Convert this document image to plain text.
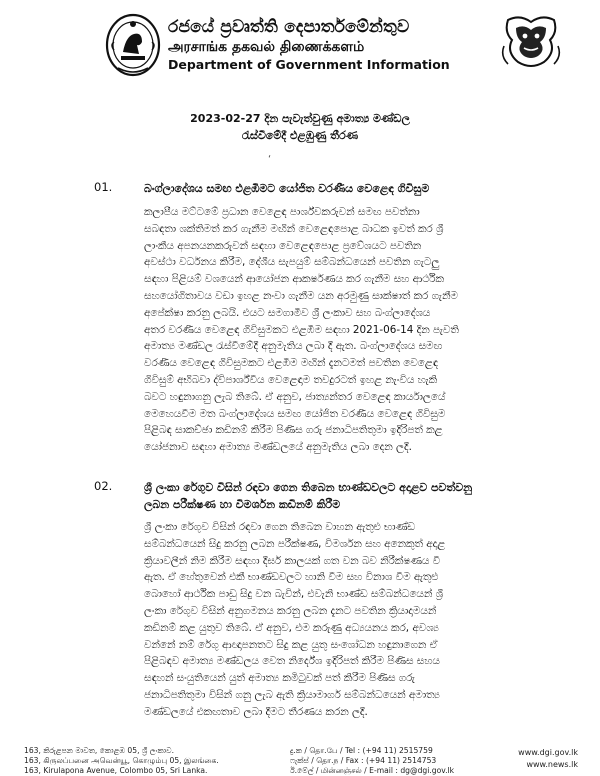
රජයේ ප්‍රවෘත්ති දෙපාර්තමේන්තුව
அரசாங்க தகவல் திணைக்களம்
Department of Government Information
2023-02-27 දින පැවැත්වුණු අමාත්‍ය මණ්ඩල
රැස්වීමේදී එළඹුණු තීරණ
‘
01.	බංග්ලාදේශය සමඟ එළඹීමට යෝජිත වරණීය වෙළෙඳ ගිවිසුම
කලාපීය මට්ටමේ ප්‍රධාන වෙළෙඳ පාර්ශ්වකරුවන් සමඟ පවත්නා
සබඳතා ශක්තිමත් කර ගැනීම මඟින් වෙළෙඳපොළ බාධක ඉවත් කර ශ්‍රී
ලාංකීය අපනයනකරුවන් සඳහා වෙළෙඳපොළ ප්‍රවේශයට පවතින
අවස්ථා වර්ධනය කිරීම, දේශීය සැපයුම් සම්බන්ධයෙන් පවතින ගැටලු
සඳහා පිළියම් වශයෙන් ආයෝජන ආකර්ෂණය කර ගැනීම සහ ආර්ථික
සහයෝගිතාවය වඩා ඉහළ නංවා ගැනීම යන අරමුණු සාක්ෂාත් කර ගැනීම
අපේක්ෂා කරනු ලබයි. එයට සමගාමීව ශ්‍රී ලංකාව සහ බංග්ලාදේශය
අතර වරණීය වෙළෙඳ ගිවිසුමකට එළඹීම සඳහා 2021-06-14 දින පැවති
අමාත්‍ය මණ්ඩල රැස්වීමේදී අනුමැතිය ලබා දී ඇත. බංග්ලාදේශය සමඟ
වරණීය වෙළෙඳ ගිවිසුමකට එළඹීම මඟින් දැනටමත් පවතින වෙළෙඳ
ගිවිසුම් අභිබවා ද්විපාර්ශ්වීය වෙළෙඳාම තවදුරටත් ඉහළ නැංවිය හැකි
බවට හඳුනාගනු ලැබ තිබේ. ඒ අනුව, ජාත්‍යන්තර වෙළෙඳ කාර්යාලයේ
මෙහෙයවීම මත බංග්ලාදේශය සමඟ යෝජිත වරණීය වෙළෙඳ ගිවිසුම
පිළිබඳ සාකච්ඡා කඩිනම් කිරීම පිණිස ගරු ජනාධිපතිතුමා ඉදිරිපත් කළ
යෝජනාව සඳහා අමාත්‍ය මණ්ඩලයේ අනුමැතිය ලබා දෙන ලදී.
02.	ශ්‍රී ලංකා රේගුව විසින් රඳවා ගෙන තිබෙන භාණ්ඩවලට අදාළව පවත්වනු
ලබන පරීක්ෂණ හා විමර්ශන කඩිනම් කිරීම
ශ්‍රී ලංකා රේගුව විසින් රඳවා ගෙන තිබෙන වාහන ඇතුළු භාණ්ඩ
සම්බන්ධයෙන් සිදු කරනු ලබන පරීක්ෂණ, විමර්ශන සහ අනෙකුත් අදාළ
ක්‍රියාවලීන් නිම කිරීම සඳහා දීර්ඝ කාලයක් ගත වන බව නිරීක්ෂණය වී
ඇත. ඒ හේතුවෙන් එකී භාණ්ඩවලට හානි වීම සහ විනාශ වීම ඇතුළු
බොහෝ ආර්ථික පාඩු සිදු වන බැවින්, එවැනි භාණ්ඩ සම්බන්ධයෙන් ශ්‍රී
ලංකා රේගුව විසින් අනුගමනය කරනු ලබන දැනට පවතින ක්‍රියාදාමයන්
කඩිනම් කළ යුතුව තිබේ. ඒ අනුව, එම කරුණු අධ්‍යයනය කර, අවශ්‍ය
වන්නේ නම් රේගු ආඥාපනතට සිදු කළ යුතු සංශෝධන හඳුනාගෙන ඒ
පිළිබඳව අමාත්‍ය මණ්ඩලය වෙත නිර්දේශ ඉදිරිපත් කිරීම පිණිස සහය
සඳහන් සංයුතියෙන් යුත් අමාත්‍ය කමිටුවක් පත් කිරීම පිණිස ගරු
ජනාධිපතිතුමා විසින් ගනු ලැබ ඇති ක්‍රියාමාර්ග සම්බන්ධයෙන් අමාත්‍ය
මණ්ඩලයේ එකඟතාව ලබා දීමට තීරණය කරන ලදී.
163, කිරුළපන මාවත, කොළඹ 05, ශ්‍රී ලංකාව.
163, கிருலப்பனை அவென்யூ, கொழும்பு 05, இலங்கை.
163, Kirulapona Avenue, Colombo 05, Sri Lanka.
දු.ක / தொ.பே / Tel : (+94 11) 2515759
ෆැක්ස් / தொ.ந / Fax : (+94 11) 2514753
ඊ.මේල් / மின்னஞ்சல் / E-mail : dg@dgi.gov.lk
www.dgi.gov.lk
www.news.lk
